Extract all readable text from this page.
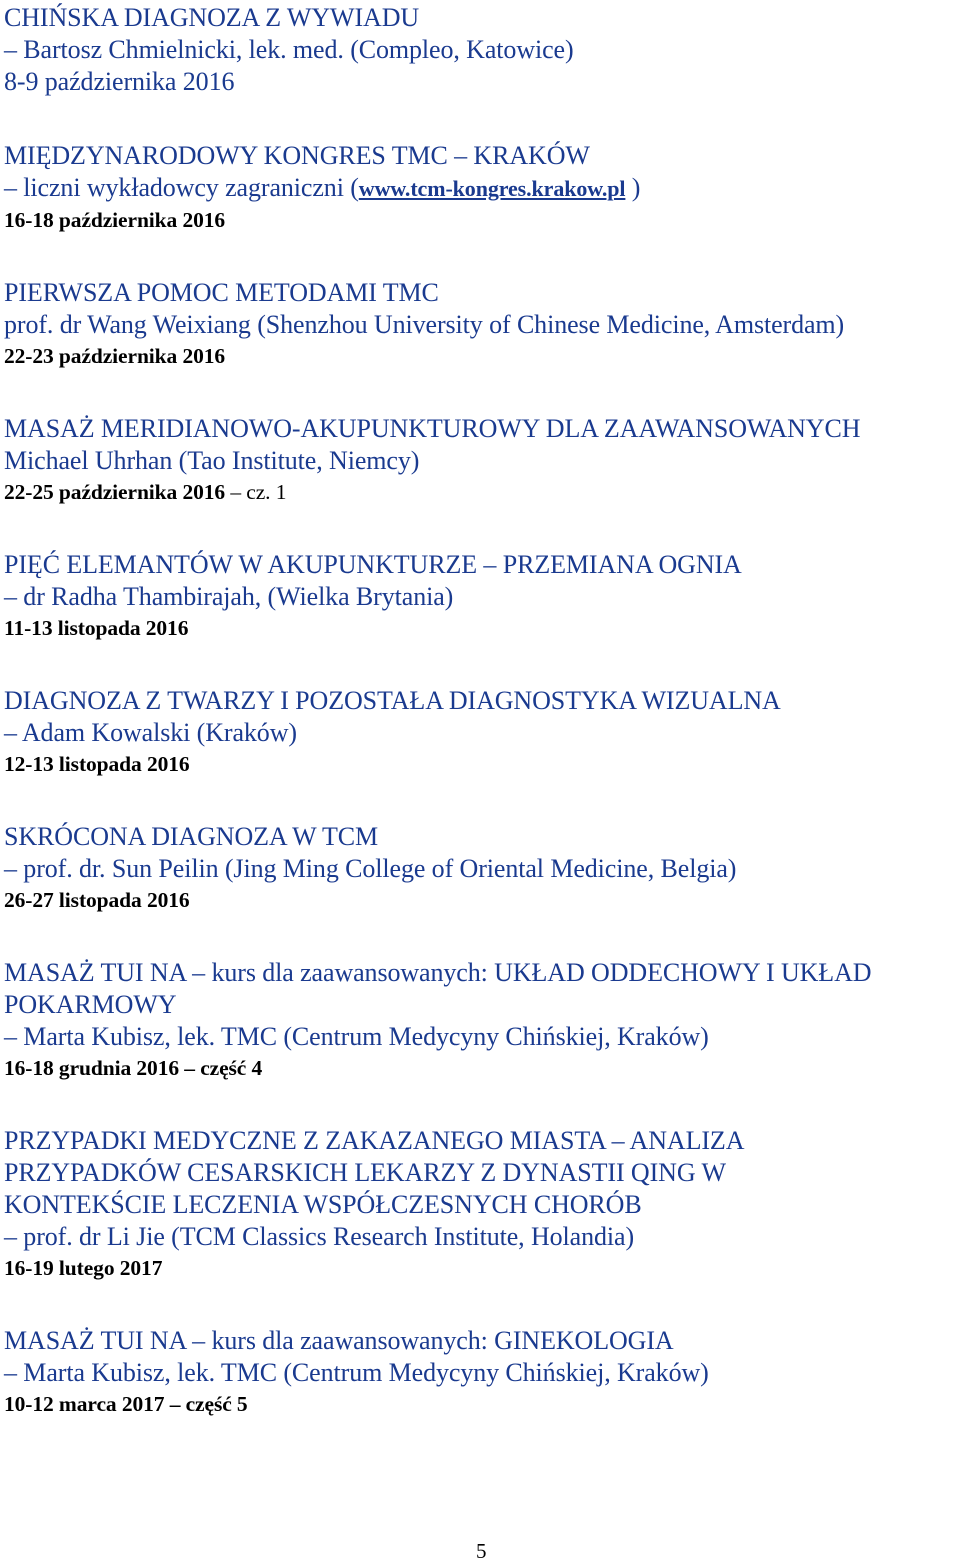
CHIŃSKA DIAGNOZA Z WYWIADU
– Bartosz Chmielnicki, lek. med. (Compleo, Katowice)
8-9 października 2016
MIĘDZYNARODOWY KONGRES TMC – KRAKÓW
– liczni wykładowcy zagraniczni (www.tcm-kongres.krakow.pl )
16-18 października 2016
PIERWSZA POMOC METODAMI TMC
prof. dr Wang Weixiang (Shenzhou University of Chinese Medicine, Amsterdam)
22-23 października 2016
MASAŻ MERIDIANOWO-AKUPUNKTUROWY DLA ZAAWANSOWANYCH
Michael Uhrhan (Tao Institute, Niemcy)
22-25 października 2016 – cz. 1
PIĘĆ ELEMANTÓW W AKUPUNKTURZE – PRZEMIANA OGNIA
– dr Radha Thambirajah, (Wielka Brytania)
11-13 listopada 2016
DIAGNOZA Z TWARZY I POZOSTAŁA DIAGNOSTYKA WIZUALNA
– Adam Kowalski (Kraków)
12-13 listopada 2016
SKRÓCONA DIAGNOZA W TCM
– prof. dr. Sun Peilin (Jing Ming College of Oriental Medicine, Belgia)
26-27 listopada 2016
MASAŻ TUI NA – kurs dla zaawansowanych: UKŁAD ODDECHOWY I UKŁAD
POKARMOWY
– Marta Kubisz, lek. TMC (Centrum Medycyny Chińskiej, Kraków)
16-18 grudnia 2016 – część 4
PRZYPADKI MEDYCZNE Z ZAKAZANEGO MIASTA – ANALIZA
PRZYPADKÓW CESARSKICH LEKARZY Z DYNASTII QING W
KONTEKŚCIE LECZENIA WSPÓŁCZESNYCH CHORÓB
– prof. dr Li Jie (TCM Classics Research Institute, Holandia)
16-19 lutego 2017
MASAŻ TUI NA – kurs dla zaawansowanych: GINEKOLOGIA
– Marta Kubisz, lek. TMC (Centrum Medycyny Chińskiej, Kraków)
10-12 marca 2017 – część 5
5
